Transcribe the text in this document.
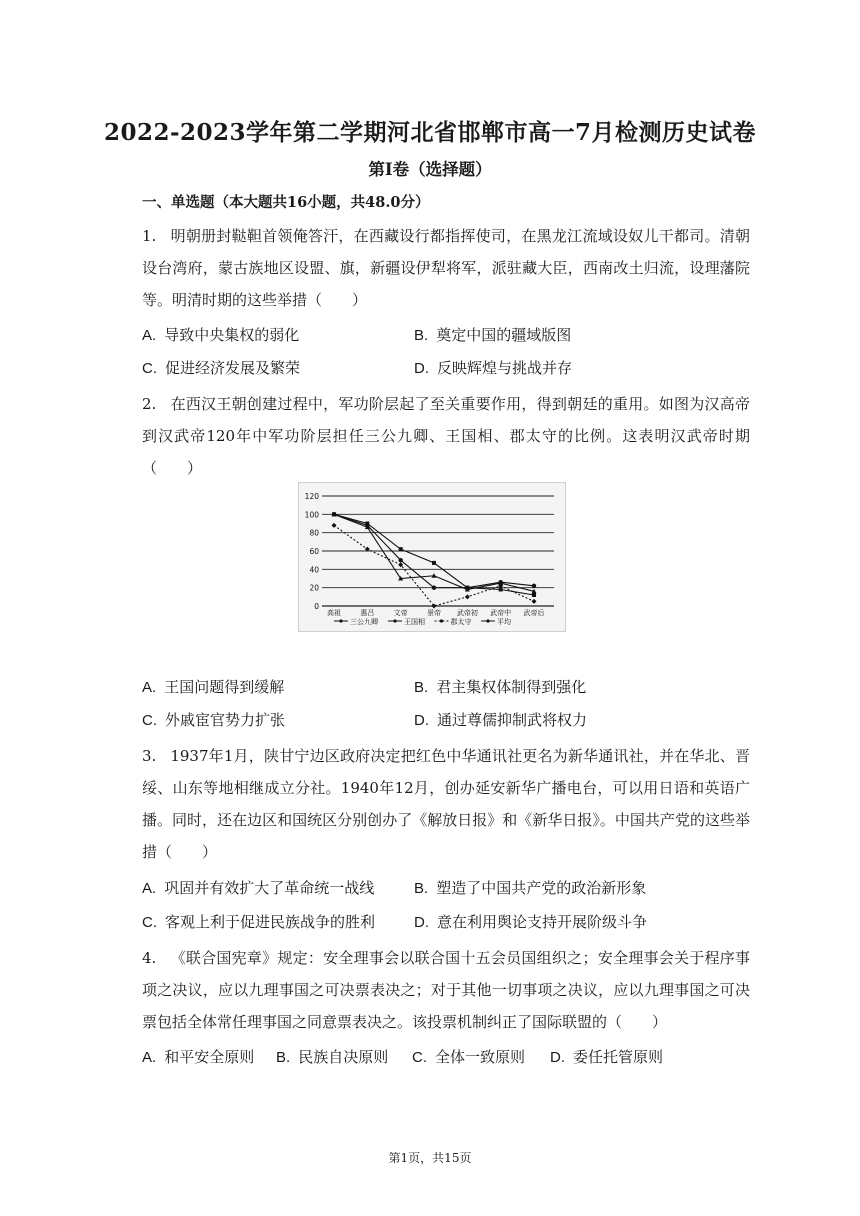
2022-2023学年第二学期河北省邯郸市高一7月检测历史试卷
第I卷（选择题）
一、单选题（本大题共16小题，共48.0分）
1. 明朝册封鞑靼首领俺答汗，在西藏设行都指挥使司，在黑龙江流域设奴儿干都司。清朝设台湾府，蒙古族地区设盟、旗，新疆设伊犁将军，派驻藏大臣，西南改土归流，设理藩院等。明清时期的这些举措（　　）
A. 导致中央集权的弱化	B. 奠定中国的疆域版图
C. 促进经济发展及繁荣	D. 反映辉煌与挑战并存
2. 在西汉王朝创建过程中，军功阶层起了至关重要作用，得到朝廷的重用。如图为汉高帝到汉武帝120年中军功阶层担任三公九卿、王国相、郡太守的比例。这表明汉武帝时期（　　）
0
20
40
60
80
100
120
高祖	惠吕	文帝	景帝 武帝初 武帝中 武帝后
三公九卿	王国相	郡太守	平均
A. 王国问题得到缓解	B. 君主集权体制得到强化
C. 外戚宦官势力扩张	D. 通过尊儒抑制武将权力
3. 1937年1月，陕甘宁边区政府决定把红色中华通讯社更名为新华通讯社，并在华北、晋绥、山东等地相继成立分社。1940年12月，创办延安新华广播电台，可以用日语和英语广播。同时，还在边区和国统区分别创办了《解放日报》和《新华日报》。中国共产党的这些举措（　　）
A. 巩固并有效扩大了革命统一战线	B. 塑造了中国共产党的政治新形象
C. 客观上利于促进民族战争的胜利	D. 意在利用舆论支持开展阶级斗争
4. 《联合国宪章》规定：安全理事会以联合国十五会员国组织之；安全理事会关于程序事项之决议，应以九理事国之可决票表决之；对于其他一切事项之决议，应以九理事国之可决票包括全体常任理事国之同意票表决之。该投票机制纠正了国际联盟的（　　）
A. 和平安全原则 B. 民族自决原则 C. 全体一致原则 D. 委任托管原则
第1页，共15页
